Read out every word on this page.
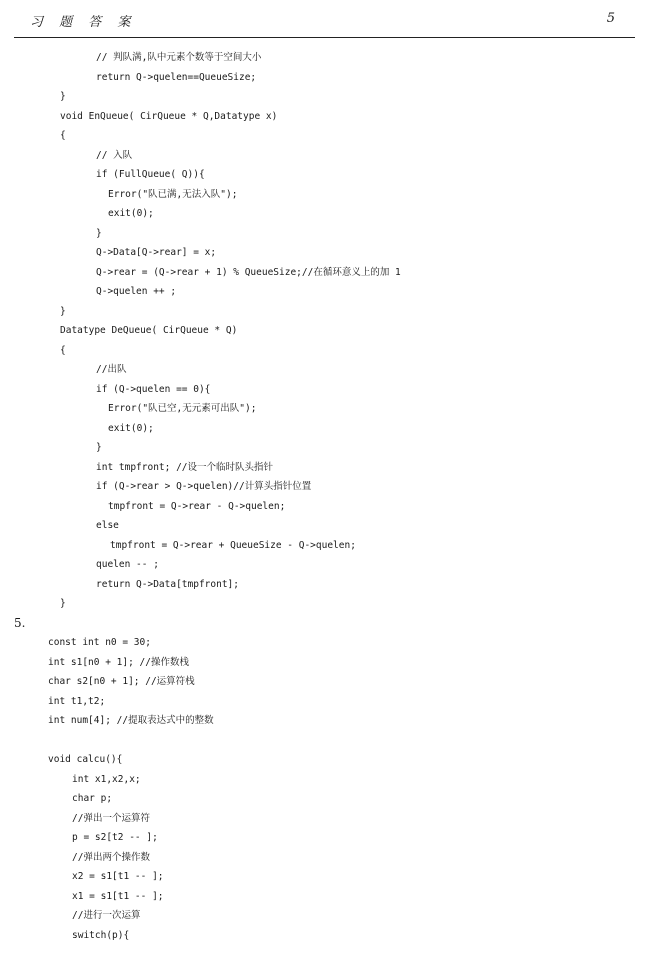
习 题 答 案	5
// 判队满,队中元素个数等于空间大小
return Q->quelen==QueueSize;
}
void EnQueue( CirQueue * Q,Datatype x)
{
// 入队
if (FullQueue( Q)){
Error("队已满,无法入队");
exit(0);
}
Q->Data[Q->rear] = x;
Q->rear = (Q->rear + 1) % QueueSize;//在循环意义上的加 1
Q->quelen ++ ;
}
Datatype DeQueue( CirQueue * Q)
{
//出队
if (Q->quelen == 0){
Error("队已空,无元素可出队");
exit(0);
}
int tmpfront; //设一个临时队头指针
if (Q->rear > Q->quelen)//计算头指针位置
tmpfront = Q->rear - Q->quelen;
else
tmpfront = Q->rear + QueueSize - Q->quelen;
quelen -- ;
return Q->Data[tmpfront];
}

5.

const int n0 = 30;
int s1[n0 + 1]; //操作数栈
char s2[n0 + 1]; //运算符栈
int t1,t2;
int num[4]; //提取表达式中的整数
void calcu(){
int x1,x2,x;
char p;
//弹出一个运算符
p = s2[t2 -- ];
//弹出两个操作数
x2 = s1[t1 -- ];
x1 = s1[t1 -- ];
//进行一次运算
switch(p){
